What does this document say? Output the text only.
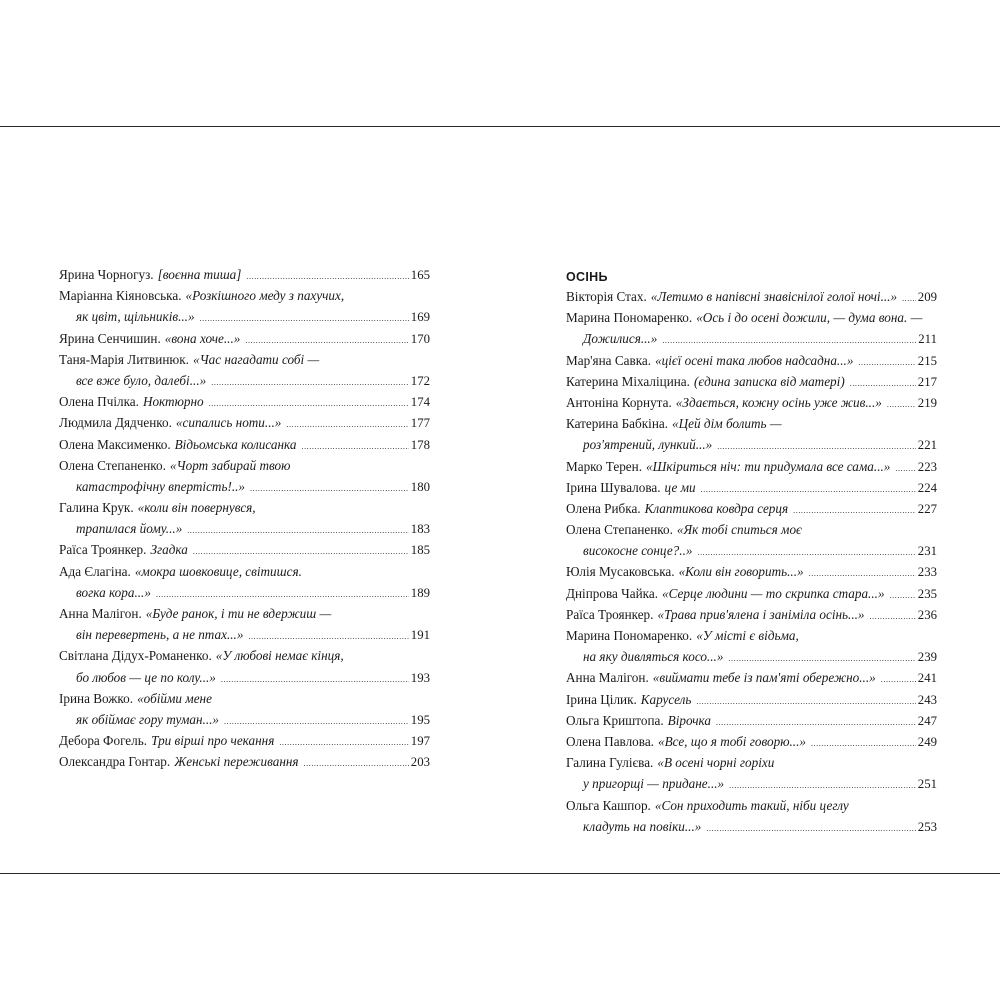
ОСІНЬ
Ярина Чорногуз. [воєнна тиша] .....	165
Маріанна Кіяновська. «Розкішного меду з пахучих,
як цвіт, щільників...» .....	169
Ярина Сенчишин. «вона хоче...» .....	170
Таня-Марія Литвинюк. «Час нагадати собі —
все вже було, далебі...» .....	172
Олена Пчілка. Ноктюрно .....	174
Людмила Дядченко. «сипались ноти...» .....	177
Олена Максименко. Відьомська колисанка .....	178
Олена Степаненко. «Чорт забирай твою
катастрофічну впертість!..» .....	180
Галина Крук. «коли він повернувся,
трапилася йому...» .....	183
Раїса Троянкер. Згадка .....	185
Ада Єлагіна. «мокра шовковице, світишся.
вогка кора...» .....	189
Анна Малігон. «Буде ранок, і ти не вдержиш —
він перевертень, а не птах...» .....	191
Світлана Дідух-Романенко. «У любові немає кінця,
бо любов — це по колу...» .....	193
Ірина Вожко. «обійми мене
як обіймає гору туман...» .....	195
Дебора Фогель. Три вірші про чекання .....	197
Олександра Гонтар. Женські переживання .....	203
Вікторія Стах. «Летимо в напівсні знавіснілої голої ночі...» ..... 209
Марина Пономаренко. «Ось і до осені дожили, — дума вона. —
Дожилися...» .....	211
Мар'яна Савка. «цієї осені така любов надсадна...» .....	215
Катерина Міхаліцина. (єдина записка від матері) .....	217
Антоніна Корнута. «Здається, кожну осінь уже жив...» .....	219
Катерина Бабкіна. «Цей дім болить —
роз'ятрений, лункий...» .....	221
Марко Терен. «Шкіриться ніч: ти придумала все сама...» ..... 223
Ірина Шувалова. це ми .....	224
Олена Рибка. Клаптикова ковдра серця .....	227
Олена Степаненко. «Як тобі спиться моє
високосне сонце?..» .....	231
Юлія Мусаковська. «Коли він говорить...» .....	233
Дніпрова Чайка. «Серце людини — то скрипка стара...» .....	235
Раїса Троянкер. «Трава прив'ялена і заніміла осінь...» .....	236
Марина Пономаренко. «У місті є відьма,
на яку дивляться косо...» .....	239
Анна Малігон. «виймати тебе із пам'яті обережно...» .....	241
Ірина Цілик. Карусель .....	243
Ольга Криштопа. Вірочка .....	247
Олена Павлова. «Все, що я тобі говорю...» .....	249
Галина Гулієва. «В осені чорні горіхи
у пригорщі — придане...» .....	251
Ольга Кашпор. «Сон приходить такий, ніби цеглу
кладуть на повіки...» .....	253
